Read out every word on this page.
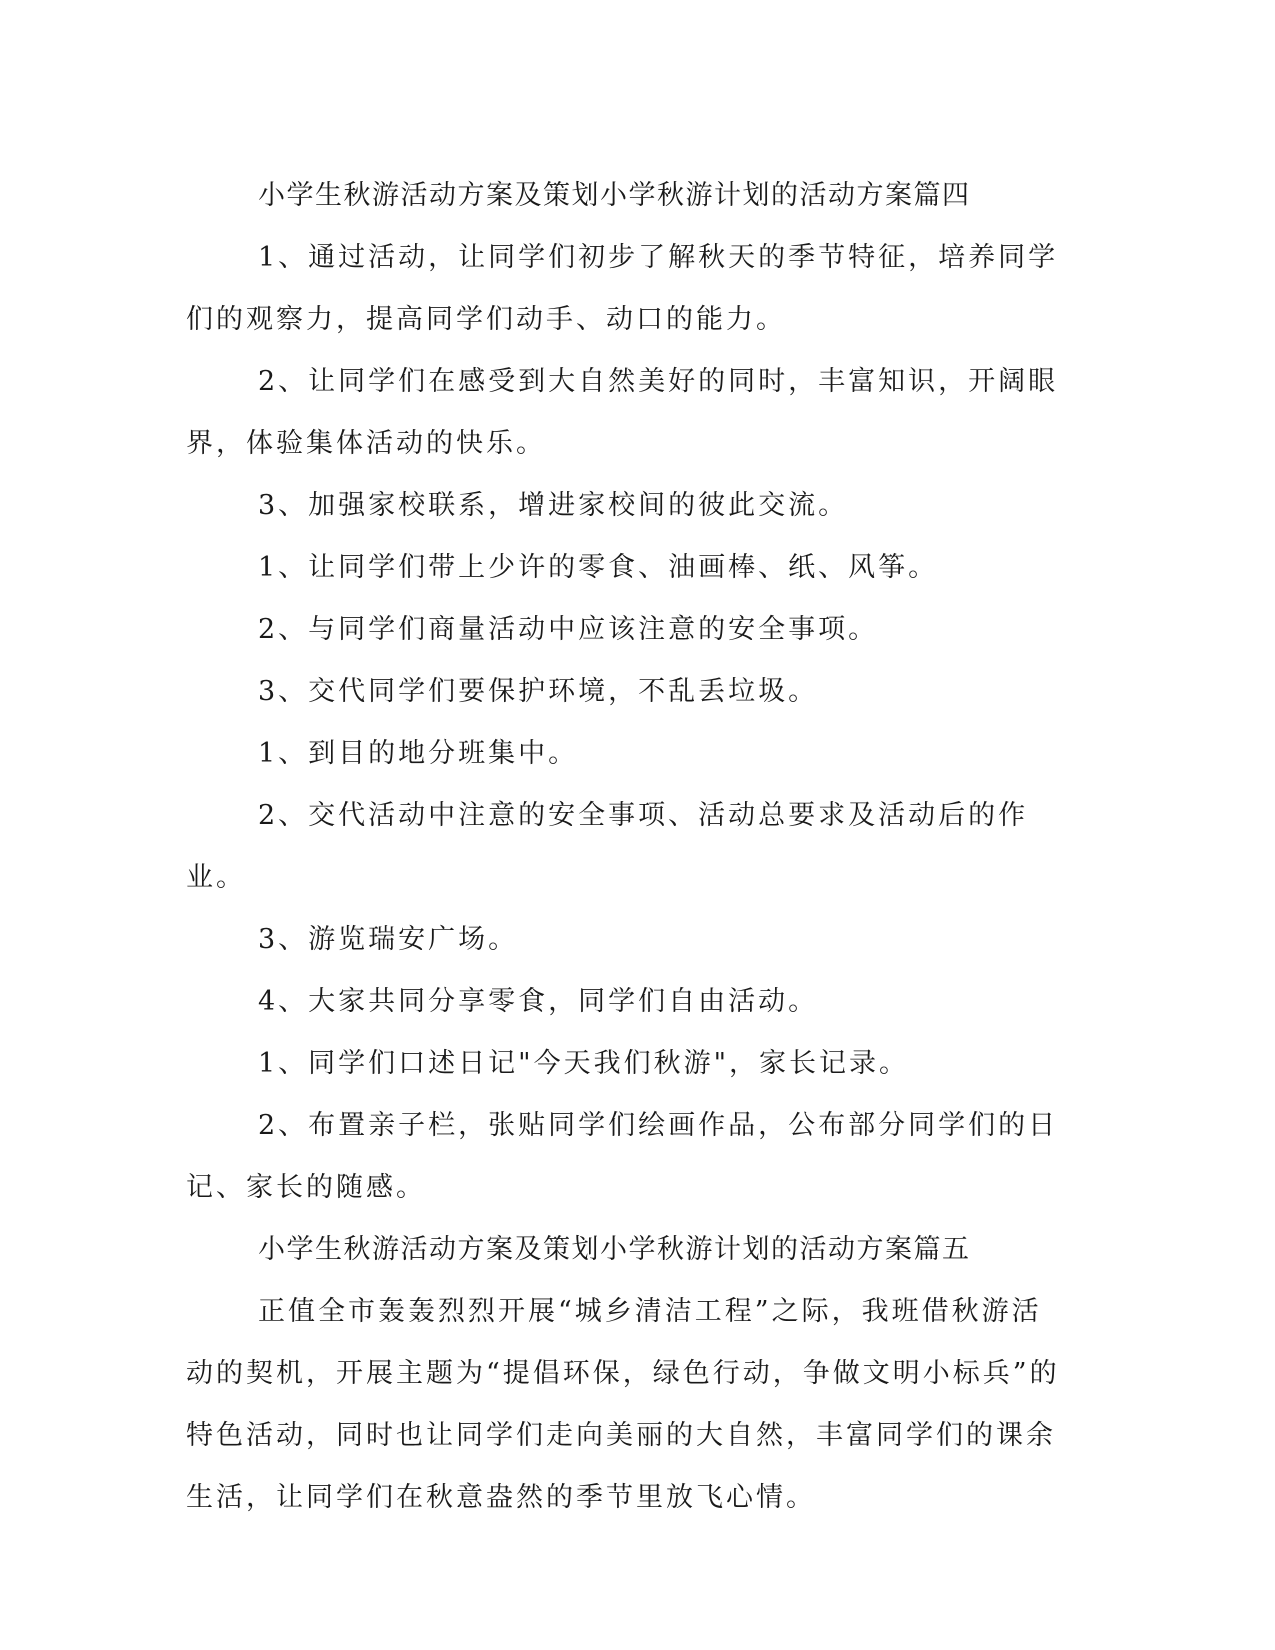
小学生秋游活动方案及策划小学秋游计划的活动方案篇四

1、通过活动，让同学们初步了解秋天的季节特征，培养同学们的观察力，提高同学们动手、动口的能力。

2、让同学们在感受到大自然美好的同时，丰富知识，开阔眼界，体验集体活动的快乐。

3、加强家校联系，增进家校间的彼此交流。

1、让同学们带上少许的零食、油画棒、纸、风筝。

2、与同学们商量活动中应该注意的安全事项。

3、交代同学们要保护环境，不乱丢垃圾。

1、到目的地分班集中。

2、交代活动中注意的安全事项、活动总要求及活动后的作业。

3、游览瑞安广场。

4、大家共同分享零食，同学们自由活动。

1、同学们口述日记"今天我们秋游"，家长记录。

2、布置亲子栏，张贴同学们绘画作品，公布部分同学们的日记、家长的随感。

小学生秋游活动方案及策划小学秋游计划的活动方案篇五

正值全市轰轰烈烈开展“城乡清洁工程”之际，我班借秋游活动的契机，开展主题为“提倡环保，绿色行动，争做文明小标兵”的特色活动，同时也让同学们走向美丽的大自然，丰富同学们的课余生活，让同学们在秋意盎然的季节里放飞心情。
